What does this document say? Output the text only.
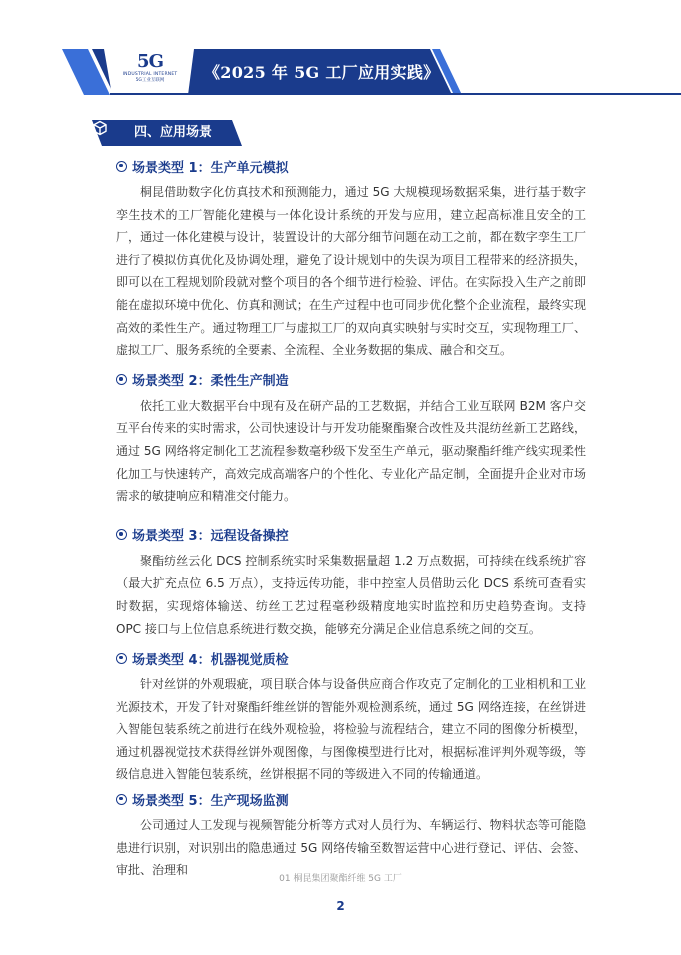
5G
INDUSTRIAL INTERNET
5G工业互联网	《2025 年 5G 工厂应用实践》
四、应用场景
场景类型 1：生产单元模拟

桐昆借助数字化仿真技术和预测能力，通过 5G 大规模现场数据采集，进行基于数字孪生技术的工厂智能化建模与一体化设计系统的开发与应用，建立起高标准且安全的工厂，通过一体化建模与设计，装置设计的大部分细节问题在动工之前，都在数字孪生工厂进行了模拟仿真优化及协调处理，避免了设计规划中的失误为项目工程带来的经济损失，即可以在工程规划阶段就对整个项目的各个细节进行检验、评估。在实际投入生产之前即能在虚拟环境中优化、仿真和测试；在生产过程中也可同步优化整个企业流程，最终实现高效的柔性生产。通过物理工厂与虚拟工厂的双向真实映射与实时交互，实现物理工厂、虚拟工厂、服务系统的全要素、全流程、全业务数据的集成、融合和交互。

场景类型 2：柔性生产制造

依托工业大数据平台中现有及在研产品的工艺数据，并结合工业互联网 B2M 客户交互平台传来的实时需求，公司快速设计与开发功能聚酯聚合改性及共混纺丝新工艺路线，通过 5G 网络将定制化工艺流程参数毫秒级下发至生产单元，驱动聚酯纤维产线实现柔性化加工与快速转产，高效完成高端客户的个性化、专业化产品定制，全面提升企业对市场需求的敏捷响应和精准交付能力。

场景类型 3：远程设备操控

聚酯纺丝云化 DCS 控制系统实时采集数据量超 1.2 万点数据，可持续在线系统扩容（最大扩充点位 6.5 万点），支持远传功能，非中控室人员借助云化 DCS 系统可查看实时数据，实现熔体输送、纺丝工艺过程毫秒级精度地实时监控和历史趋势查询。支持 OPC 接口与上位信息系统进行数交换，能够充分满足企业信息系统之间的交互。

场景类型 4：机器视觉质检

针对丝饼的外观瑕疵，项目联合体与设备供应商合作攻克了定制化的工业相机和工业光源技术，开发了针对聚酯纤维丝饼的智能外观检测系统，通过 5G 网络连接，在丝饼进入智能包装系统之前进行在线外观检验，将检验与流程结合，建立不同的图像分析模型，通过机器视觉技术获得丝饼外观图像，与图像模型进行比对，根据标准评判外观等级，等级信息进入智能包装系统，丝饼根据不同的等级进入不同的传输通道。

场景类型 5：生产现场监测

公司通过人工发现与视频智能分析等方式对人员行为、车辆运行、物料状态等可能隐患进行识别，对识别出的隐患通过 5G 网络传输至数智运营中心进行登记、评估、会签、审批、治理和

01 桐昆集团聚酯纤维 5G 工厂
2
